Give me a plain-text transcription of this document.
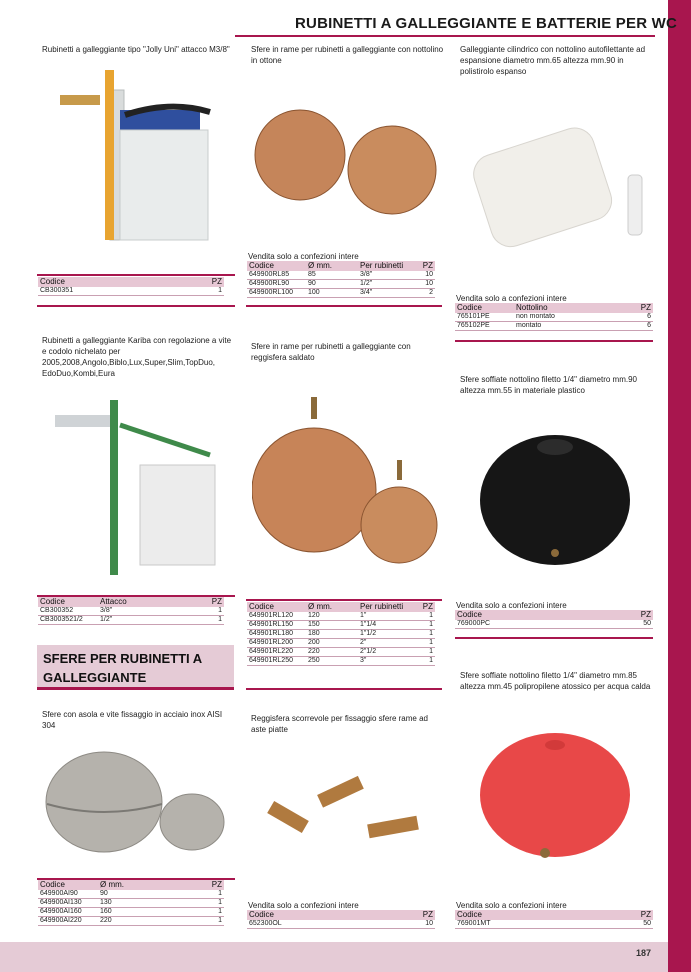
187
RUBINETTI A GALLEGGIANTE E BATTERIE PER WC
Rubinetti a galleggiante tipo "Jolly Uni" attacco M3/8"
Codice	PZ
CB300351	1
Rubinetti a galleggiante Kariba con regolazione a vite e codolo nichelato per 2005,2008,Angolo,Biblo,Lux,Super,Slim,TopDuo, EdoDuo,Kombi,Eura
Codice	Attacco	PZ
CB300352	3/8"	1
CB3003521/2	1/2"	1
SFERE PER RUBINETTI A GALLEGGIANTE
Sfere con asola e vite fissaggio in acciaio inox AISI 304
Codice	Ø mm.	PZ
649900AI90	90	1
649900AI130	130	1
649900AI160	160	1
649900AI220	220	1
Sfere in rame per rubinetti a galleggiante con nottolino in ottone
Vendita solo a confezioni intere
Codice	Ø mm.	Per rubinetti	PZ
649900RL85	85	3/8"	10
649900RL90	90	1/2"	10
649900RL100	100	3/4"	2
Sfere in rame per rubinetti a galleggiante con reggisfera saldato
Codice	Ø mm.	Per rubinetti	PZ
649901RL120	120	1"	1
649901RL150	150	1"1/4	1
649901RL180	180	1"1/2	1
649901RL200	200	2"	1
649901RL220	220	2"1/2	1
649901RL250	250	3"	1
Reggisfera scorrevole per fissaggio sfere rame ad aste piatte
Vendita solo a confezioni intere
Codice	PZ
652300OL	10
Galleggiante cilindrico con nottolino autofilettante ad espansione diametro mm.65 altezza mm.90 in polistirolo espanso
Vendita solo a confezioni intere
Codice	Nottolino	PZ
765101PE	non montato	6
765102PE	montato	6
Sfere soffiate nottolino filetto 1/4" diametro mm.90 altezza mm.55 in materiale plastico
Vendita solo a confezioni intere
Codice	PZ
769000PC	50
Sfere soffiate nottolino filetto 1/4" diametro mm.85 altezza mm.45 polipropilene atossico per acqua calda
Vendita solo a confezioni intere
Codice	PZ
769001MT	50
